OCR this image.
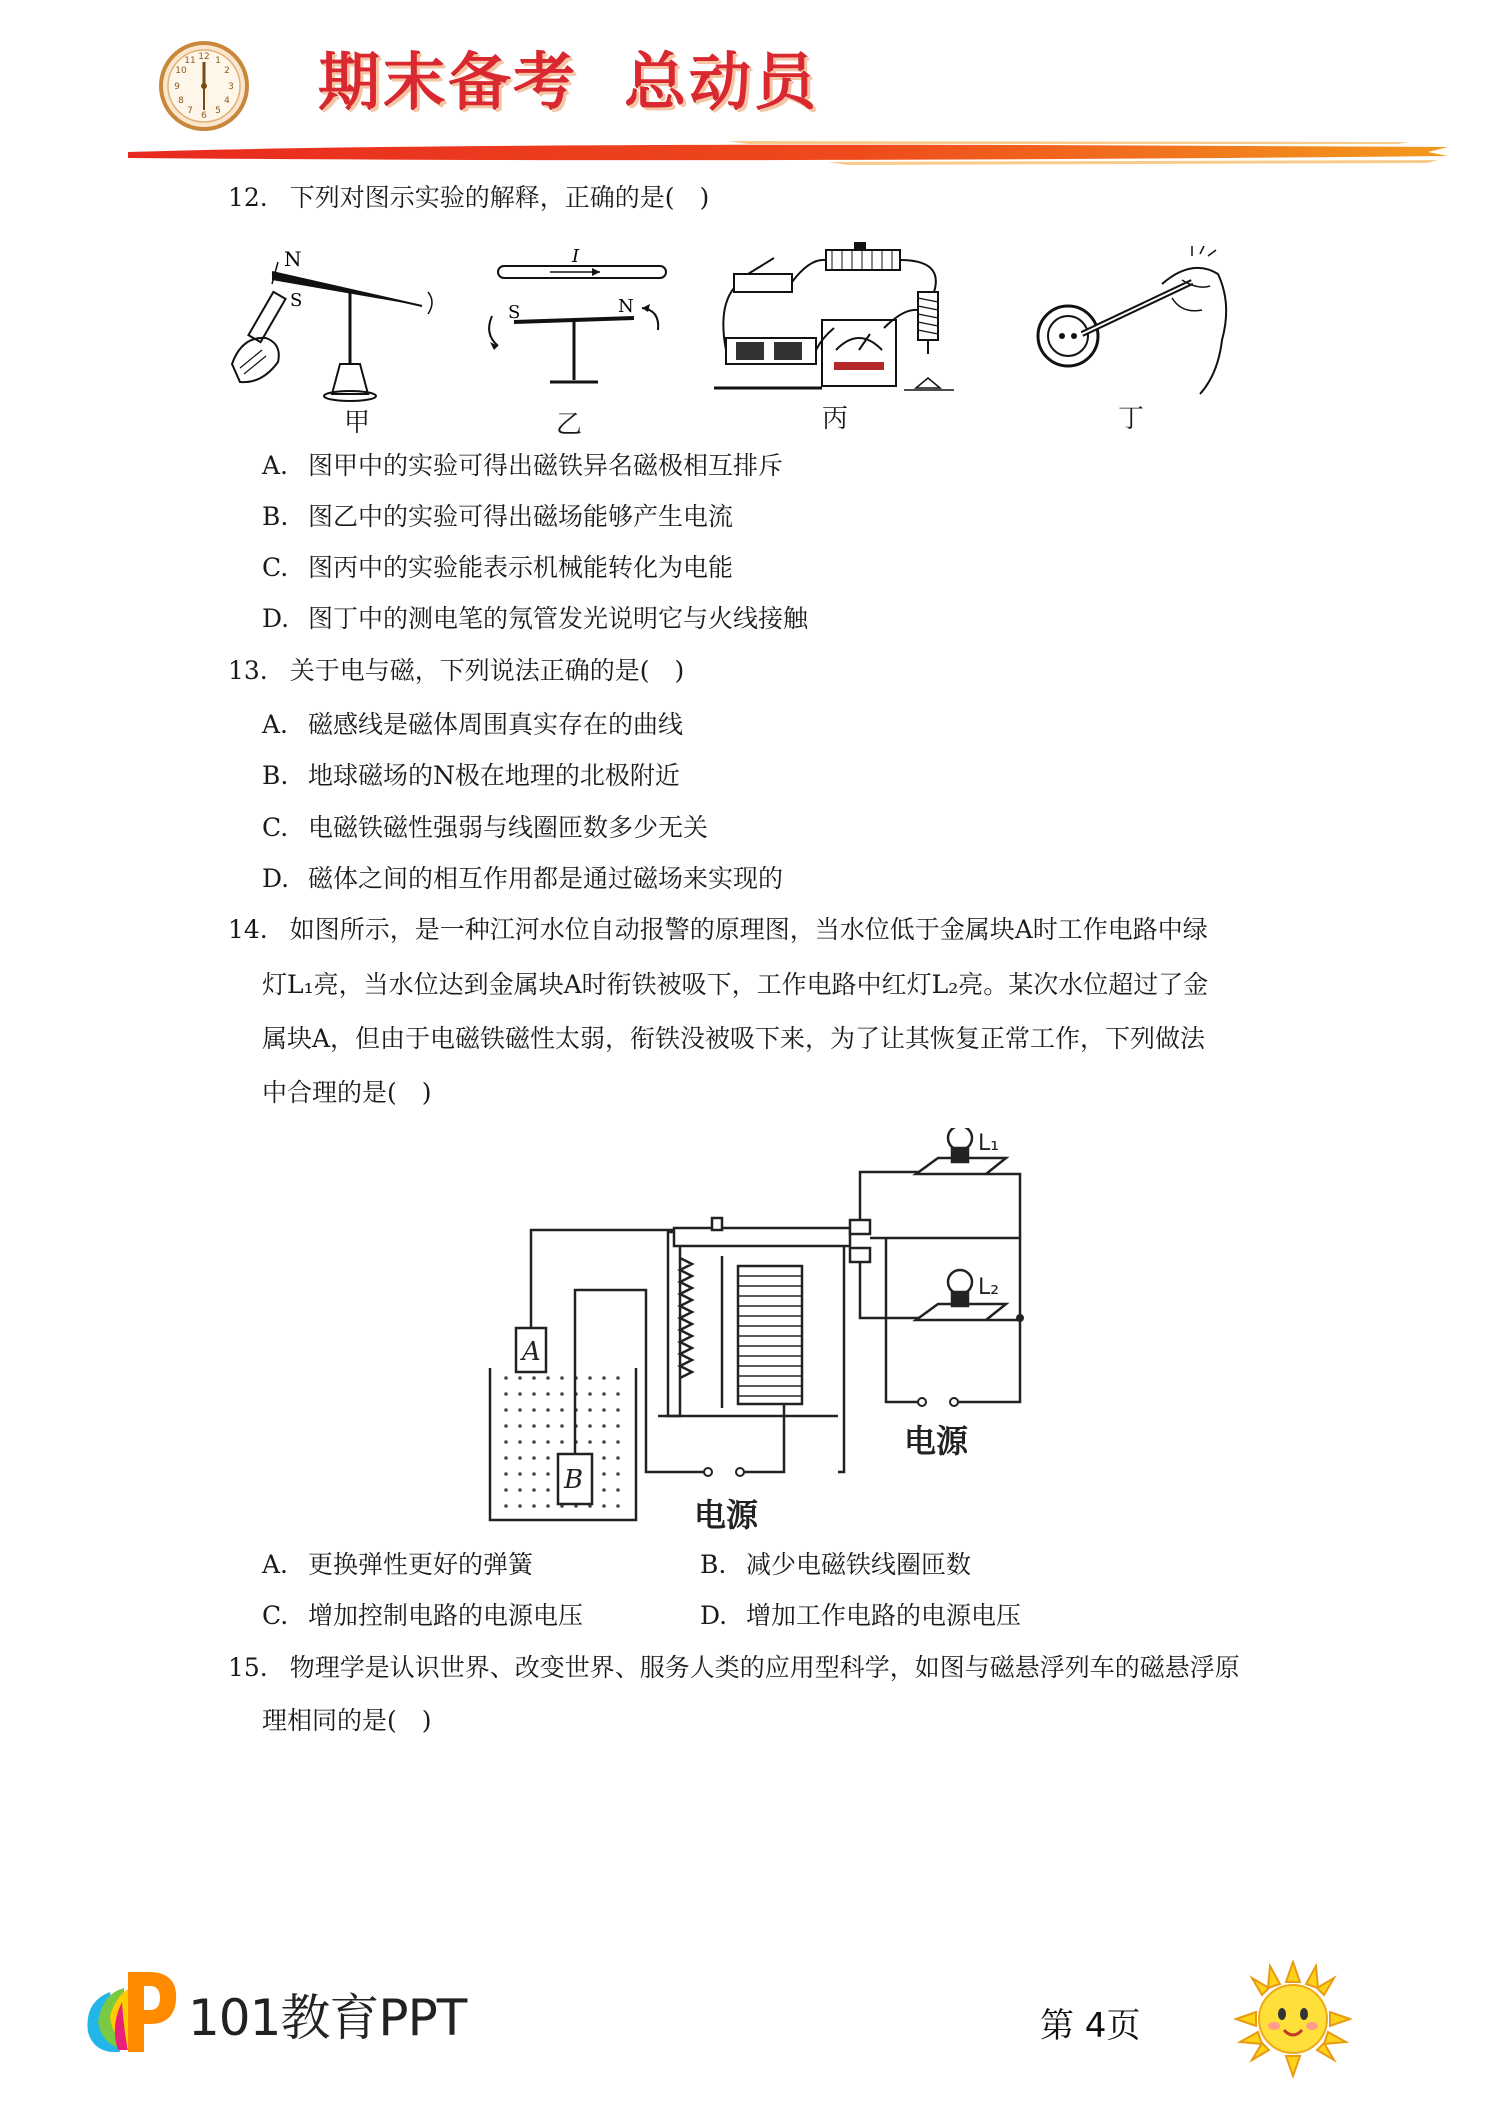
12 1
2
3
4
5
6
7
8
9
10
11 期末备考 总动员
12. 下列对图示实验的解释，正确的是(　)
N
S
甲
I
S	N
乙	丙	丁
A. 图甲中的实验可得出磁铁异名磁极相互排斥
B. 图乙中的实验可得出磁场能够产生电流
C. 图丙中的实验能表示机械能转化为电能
D. 图丁中的测电笔的氖管发光说明它与火线接触
13. 关于电与磁，下列说法正确的是(　)
A. 磁感线是磁体周围真实存在的曲线
B. 地球磁场的N极在地理的北极附近
C. 电磁铁磁性强弱与线圈匝数多少无关
D. 磁体之间的相互作用都是通过磁场来实现的
14. 如图所示，是一种江河水位自动报警的原理图，当水位低于金属块A时工作电路中绿
灯L₁亮，当水位达到金属块A时衔铁被吸下，工作电路中红灯L₂亮。某次水位超过了金
属块A，但由于电磁铁磁性太弱，衔铁没被吸下来，为了让其恢复正常工作，下列做法
中合理的是(　)
A
B
L₁
L₂
电源
电源
A. 更换弹性更好的弹簧	B. 减少电磁铁线圈匝数
C. 增加控制电路的电源电压	D. 增加工作电路的电源电压
15. 物理学是认识世界、改变世界、服务人类的应用型科学，如图与磁悬浮列车的磁悬浮原
理相同的是(　)
101教育PPT	第 4页
